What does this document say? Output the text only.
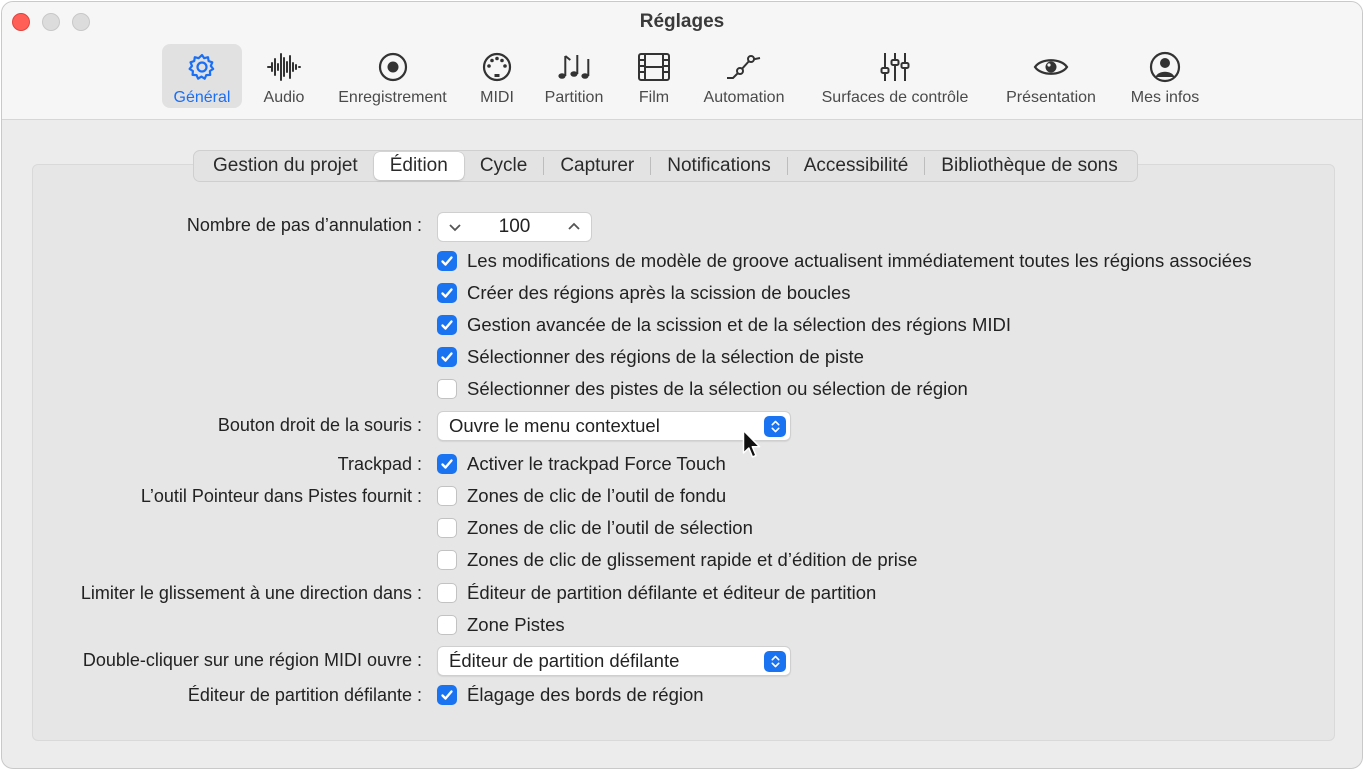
Réglages
Général Audio Enregistrement MIDI Partition Film Automation Surfaces de contrôle Présentation Mes infos
Gestion du projet	Édition	Cycle	Capturer	Notifications	Accessibilité	Bibliothèque de sons
Nombre de pas d’annulation :	100
Les modifications de modèle de groove actualisent immédiatement toutes les régions associées
Créer des régions après la scission de boucles
Gestion avancée de la scission et de la sélection des régions MIDI
Sélectionner des régions de la sélection de piste
Sélectionner des pistes de la sélection ou sélection de région
Bouton droit de la souris : Ouvre le menu contextuel
Trackpad : Activer le trackpad Force Touch
L’outil Pointeur dans Pistes fournit : Zones de clic de l’outil de fondu
Zones de clic de l’outil de sélection
Zones de clic de glissement rapide et d’édition de prise
Limiter le glissement à une direction dans : Éditeur de partition défilante et éditeur de partition
Zone Pistes
Double-cliquer sur une région MIDI ouvre : Éditeur de partition défilante
Éditeur de partition défilante : Élagage des bords de région
